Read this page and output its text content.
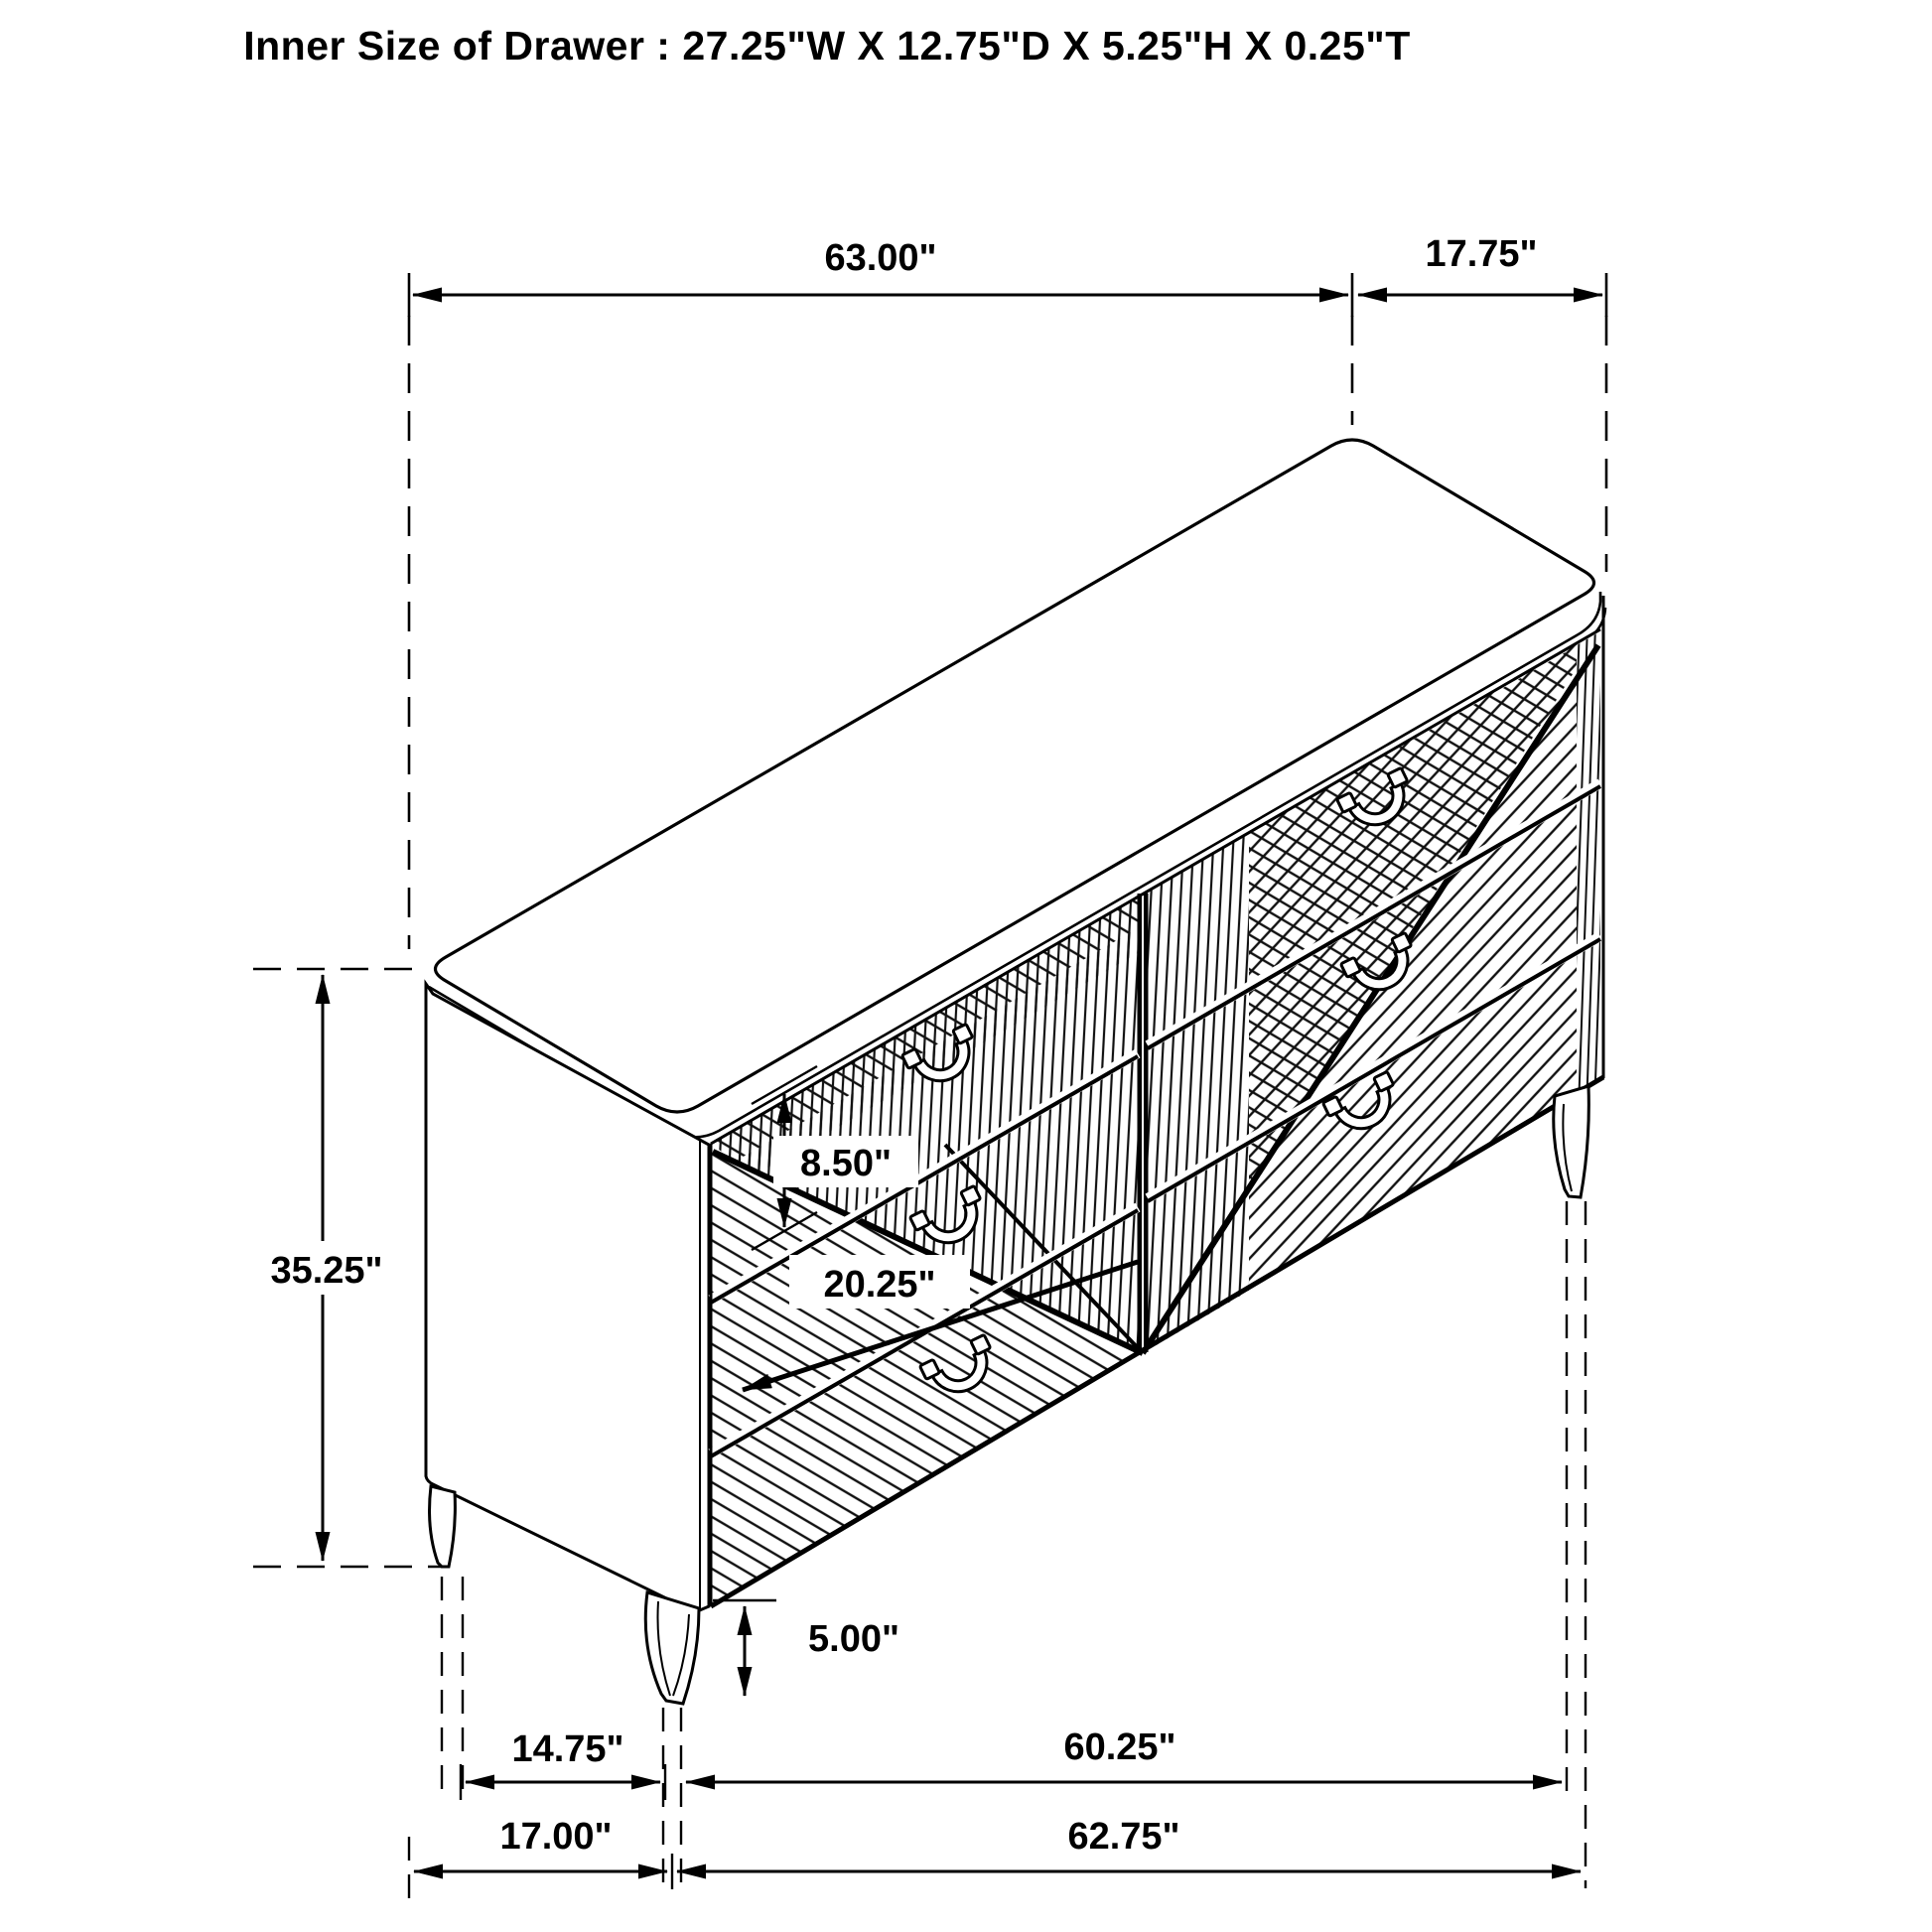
63.00"	17.75"
35.25"
8.50"
20.25"
5.00"
14.75"	60.25"
17.00"	62.75"
Inner Size of Drawer : 27.25"W X 12.75"D X 5.25"H X 0.25"T
